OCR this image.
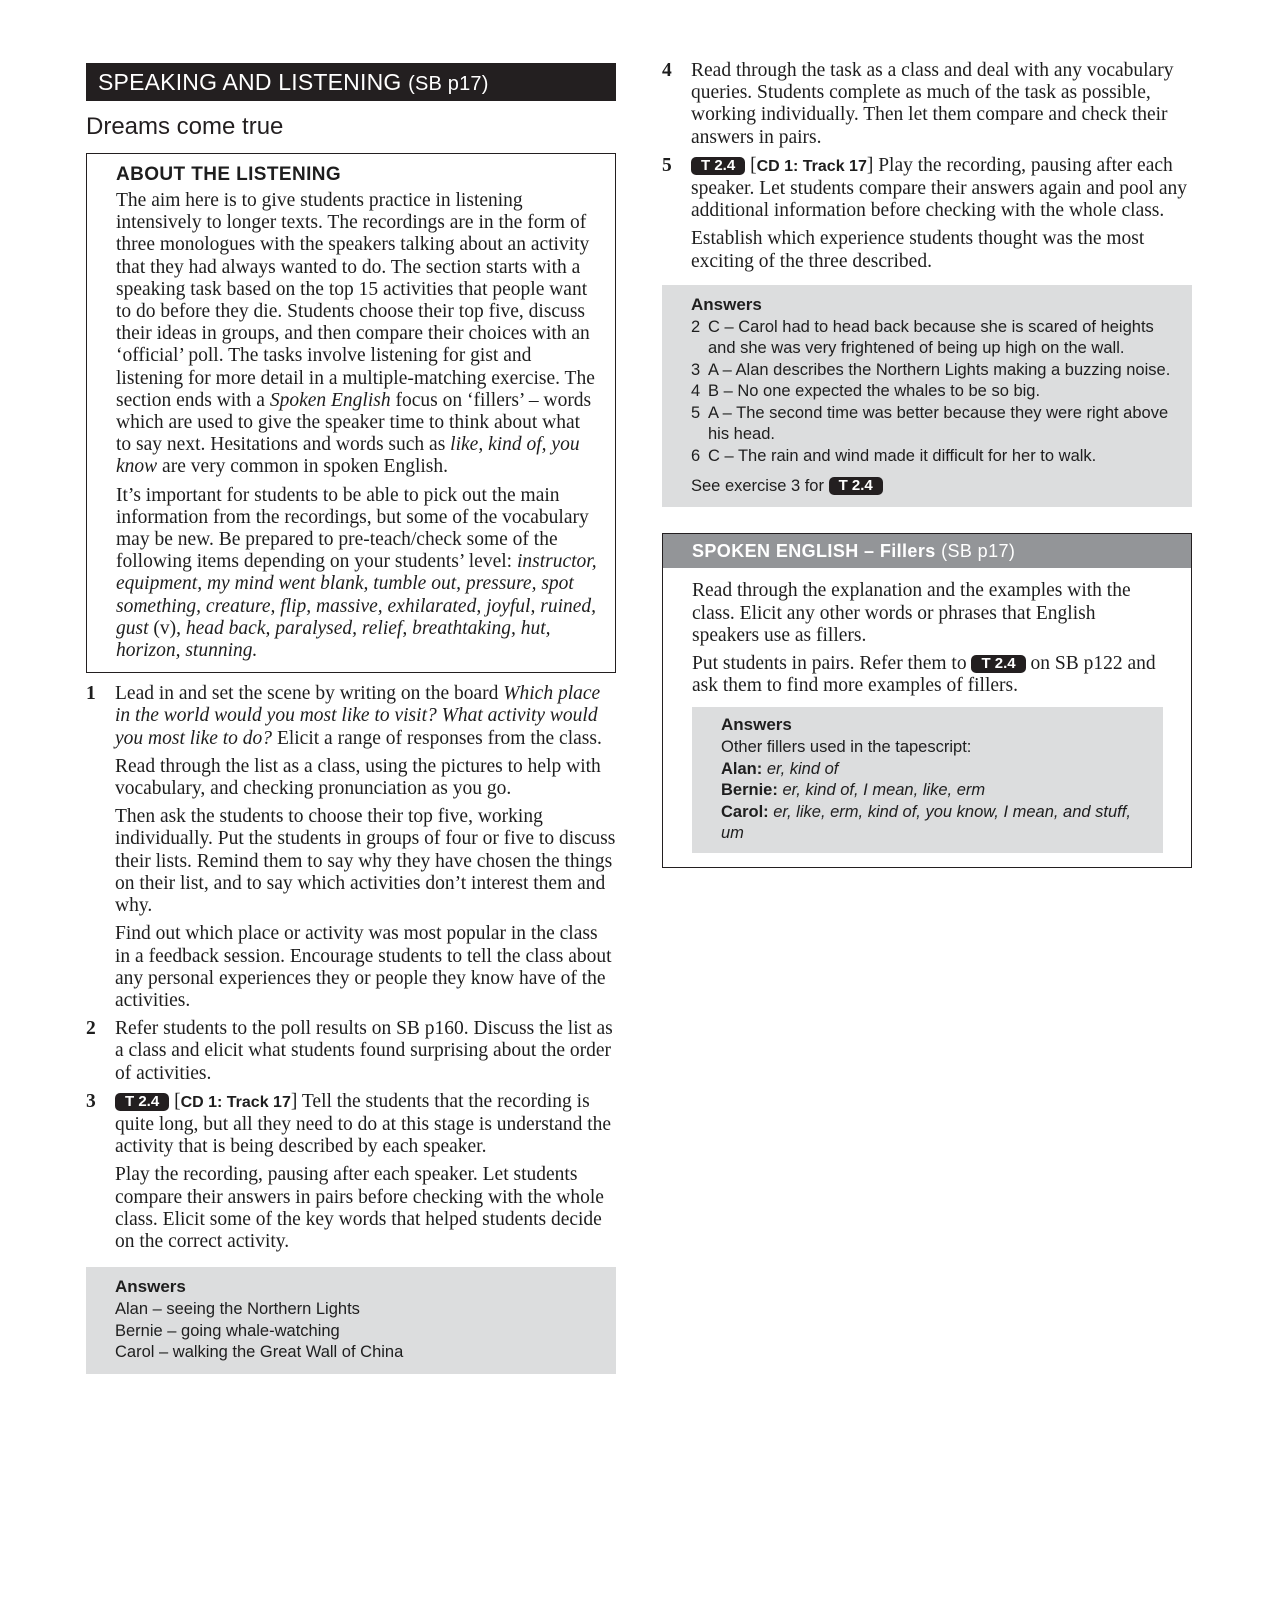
SPEAKING AND LISTENING (SB p17)
Dreams come true
ABOUT THE LISTENING

The aim here is to give students practice in listening intensively to longer texts. The recordings are in the form of three monologues with the speakers talking about an activity that they had always wanted to do. The section starts with a speaking task based on the top 15 activities that people want to do before they die. Students choose their top five, discuss their ideas in groups, and then compare their choices with an ‘official’ poll. The tasks involve listening for gist and listening for more detail in a multiple-matching exercise. The section ends with a Spoken English focus on ‘fillers’ – words which are used to give the speaker time to think about what to say next. Hesitations and words such as like, kind of, you know are very common in spoken English.

It’s important for students to be able to pick out the main information from the recordings, but some of the vocabulary may be new. Be prepared to pre-teach/check some of the following items depending on your students’ level: instructor, equipment, my mind went blank, tumble out, pressure, spot something, creature, flip, massive, exhilarated, joyful, ruined, gust (v), head back, paralysed, relief, breathtaking, hut, horizon, stunning.

1 Lead in and set the scene by writing on the board Which place in the world would you most like to visit? What activity would you most like to do? Elicit a range of responses from the class.

Read through the list as a class, using the pictures to help with vocabulary, and checking pronunciation as you go.

Then ask the students to choose their top five, working individually. Put the students in groups of four or five to discuss their lists. Remind them to say why they have chosen the things on their list, and to say which activities don’t interest them and why.

Find out which place or activity was most popular in the class in a feedback session. Encourage students to tell the class about any personal experiences they or people they know have of the activities.

2 Refer students to the poll results on SB p160. Discuss the list as a class and elicit what students found surprising about the order of activities.

3	T 2.4 [CD 1: Track 17] Tell the students that the recording is quite long, but all they need to do at this stage is understand the activity that is being described by each speaker.

Play the recording, pausing after each speaker. Let students compare their answers in pairs before checking with the whole class. Elicit some of the key words that helped students decide on the correct activity.

Answers
Alan – seeing the Northern Lights
Bernie – going whale-watching
Carol – walking the Great Wall of China
4 Read through the task as a class and deal with any vocabulary queries. Students complete as much of the task as possible, working individually. Then let them compare and check their answers in pairs.

5	T 2.4 [CD 1: Track 17] Play the recording, pausing after each speaker. Let students compare their answers again and pool any additional information before checking with the whole class.

Establish which experience students thought was the most exciting of the three described.

Answers
2 C – Carol had to head back because she is scared of heights and she was very frightened of being up high on the wall.
3 A – Alan describes the Northern Lights making a buzzing noise.
4 B – No one expected the whales to be so big.
5 A – The second time was better because they were right above his head.
6 C – The rain and wind made it difficult for her to walk.
See exercise 3 for T 2.4
SPOKEN ENGLISH – Fillers (SB p17)

Read through the explanation and the examples with the class. Elicit any other words or phrases that English speakers use as fillers.

Put students in pairs. Refer them to T 2.4 on SB p122 and ask them to find more examples of fillers.

Answers
Other fillers used in the tapescript:
Alan: er, kind of
Bernie: er, kind of, I mean, like, erm
Carol: er, like, erm, kind of, you know, I mean, and stuff, um
